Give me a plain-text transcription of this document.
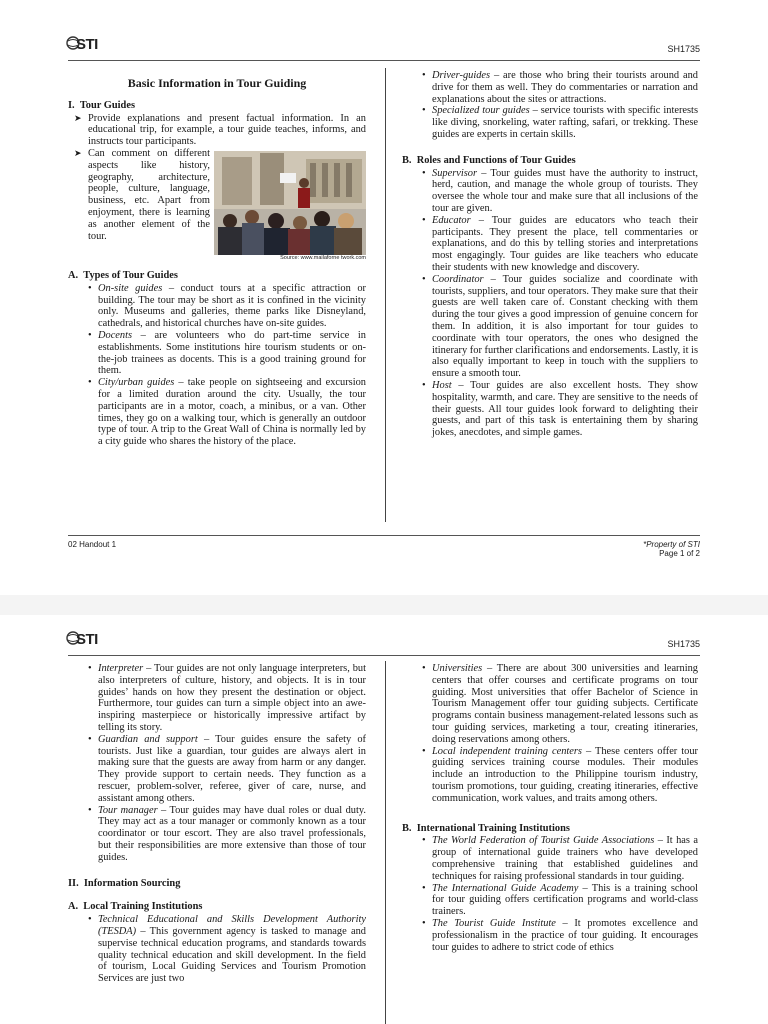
STI	SH1735
Basic Information in Tour Guiding
I.  Tour Guides
➤ Provide explanations and present factual information. In an educational trip, for example, a tour guide teaches, informs, and instructs tour participants.
➤
Source: www.mailaforne twork.com
Can comment on different aspects like history, geography, architecture, people, culture, language, business, etc. Apart from enjoyment, there is learning as another element of the tour.
A.  Types of Tour Guides
• On-site guides – conduct tours at a specific attraction or building. The tour may be short as it is confined in the vicinity only. Museums and galleries, theme parks like Disneyland, cathedrals, and historical churches have on-site guides.
• Docents – are volunteers who do part-time service in establishments. Some institutions hire tourism students or on-the-job trainees as docents. This is a good training ground for them.
• City/urban guides – take people on sightseeing and excursion for a limited duration around the city. Usually, the tour participants are in a motor, coach, a minibus, or a van. Other times, they go on a walking tour, which is generally an outdoor type of tour. A trip to the Great Wall of China is normally led by a city guide who shares the history of the place.
• Driver-guides – are those who bring their tourists around and drive for them as well. They do commentaries or narration and explanations about the sites or attractions.
• Specialized tour guides – service tourists with specific interests like diving, snorkeling, water rafting, safari, or trekking. These guides are experts in certain skills.
B.  Roles and Functions of Tour Guides
• Supervisor – Tour guides must have the authority to instruct, herd, caution, and manage the whole group of tourists. They oversee the whole tour and make sure that all inclusions of the tour are given.
• Educator – Tour guides are educators who teach their participants. They present the place, tell commentaries or explanations, and do this by telling stories and interpretations most engagingly. Tour guides are like teachers who educate their students with new knowledge and discovery.
• Coordinator – Tour guides socialize and coordinate with tourists, suppliers, and tour operators. They make sure that their guests are well taken care of. Constant checking with them during the tour gives a good impression of genuine concern for them. In addition, it is also important for tour guides to coordinate with tour operators, the ones who designed the itinerary for further clarifications and endorsements. Lastly, it is also equally important to keep in touch with the suppliers to ensure a smooth tour.
• Host – Tour guides are also excellent hosts. They show hospitality, warmth, and care. They are sensitive to the needs of their guests. All tour guides look forward to delighting their guests, and part of this task is entertaining them by sharing jokes, anecdotes, and simple games.
02 Handout 1	*Property of STI
Page 1 of 2
STI	SH1735
• Interpreter – Tour guides are not only language interpreters, but also interpreters of culture, history, and objects. It is in tour guides’ hands on how they present the destination or object. Furthermore, tour guides can turn a simple object into an awe-inspiring masterpiece or historically impressive artifact by telling its story.
• Guardian and support – Tour guides ensure the safety of tourists. Just like a guardian, tour guides are always alert in making sure that the guests are away from harm or any danger. They provide support to certain needs. They function as a rescuer, problem-solver, referee, giver of care, nurse, and assistant among others.
• Tour manager – Tour guides may have dual roles or dual duty. They may act as a tour manager or commonly known as a tour coordinator or tour escort. They are also travel professionals, but their responsibilities are more extensive than those of tour guides.
II.  Information Sourcing
A.  Local Training Institutions
• Technical Educational and Skills Development Authority (TESDA) – This government agency is tasked to manage and supervise technical education programs, and standards towards quality technical education and skill development. In the field of tourism, Local Guiding Services and Tourism Promotion Services are just two
• Universities – There are about 300 universities and learning centers that offer courses and certificate programs on tour guiding. Most universities that offer Bachelor of Science in Tourism Management offer tour guiding subjects. Certificate programs contain business management-related lessons such as tour guiding services, marketing a tour, creating itineraries, doing reservations among others.
• Local independent training centers – These centers offer tour guiding services training course modules. Their modules include an introduction to the Philippine tourism industry, tourism promotions, tour guiding, creating itineraries, effective communication, work values, and traits among others.
B.  International Training Institutions
• The World Federation of Tourist Guide Associations – It has a group of international guide trainers who have developed comprehensive training that established guidelines and techniques for raising professional standards in tour guiding.
• The International Guide Academy – This is a training school for tour guiding offers certification programs and world-class trainers.
• The Tourist Guide Institute – It promotes excellence and professionalism in the practice of tour guiding. It encourages tour guides to adhere to strict code of ethics
